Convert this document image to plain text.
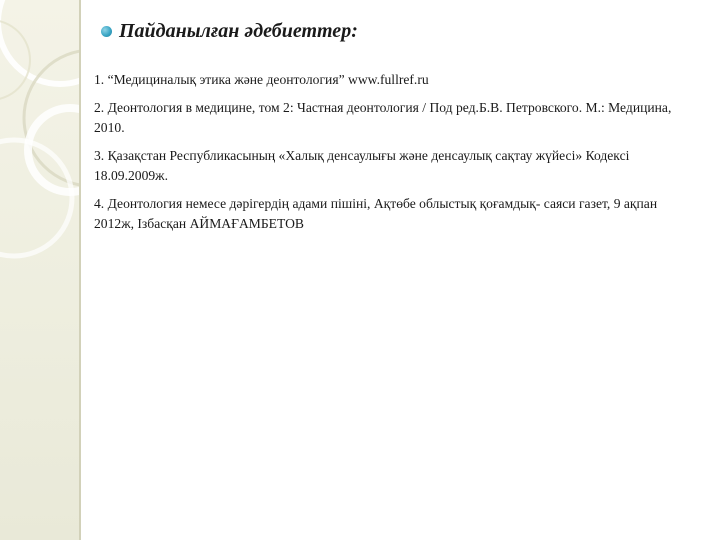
Пайданылған әдебиеттер:

1. “Медициналық этика және деонтология” www.fullref.ru

2. Деонтология в медицине, том 2: Частная деонтология / Под ред.Б.В. Петровского. М.: Медицина, 2010.

3. Қазақстан Республикасының «Халық денсаулығы және денсаулық сақтау жүйесі» Кодексі 18.09.2009ж.

4. Деонтология немесе дәрігердің адами пішіні, Ақтөбе облыстық қоғамдық- саяси газет, 9 ақпан 2012ж, Ізбасқан АЙМАҒАМБЕТОВ
